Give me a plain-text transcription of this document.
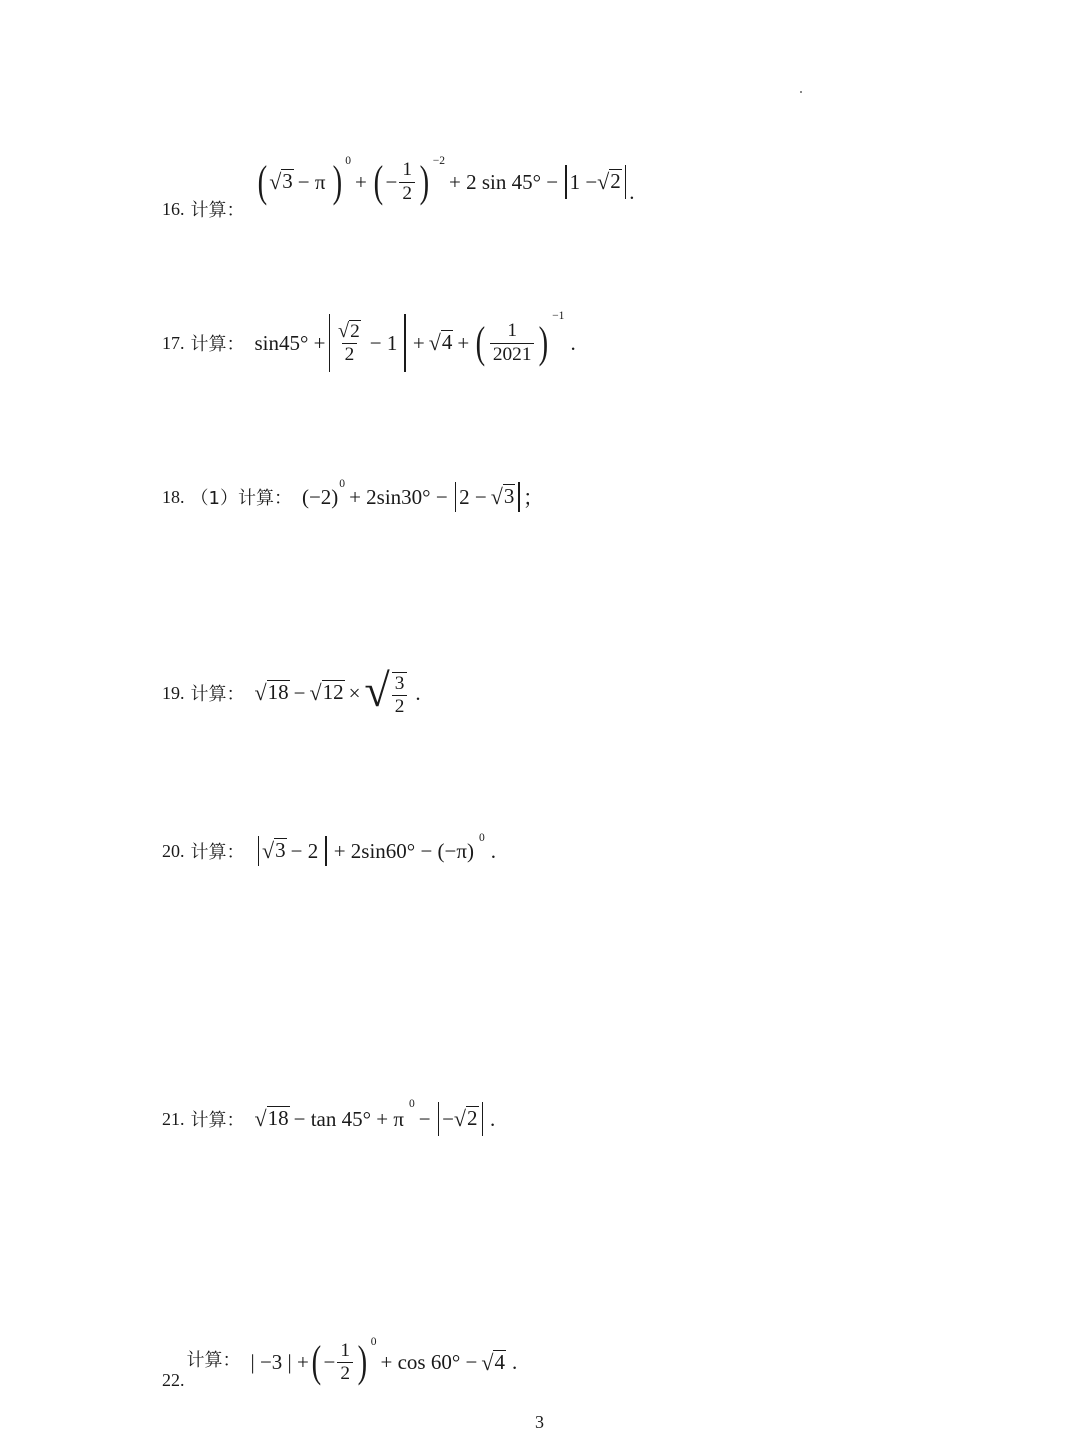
16. 计算：
( √ 3 − π ) 0
+ ( − $\frac{1}{2}$ ) −2
+ 2 sin 45° − 1 − √ 2 .
17. 计算： $\sin 45^\circ + \frac{√ 2}{2} - 1$ + √ 4 + ( $\frac{1}{2021}$ )
−1
.
18. （1）计算： ( −2 )
0
+ 2sin30° − 2 − √ 3 ；
19. 计算： √ 18 − √ 12 × √ $\frac{3}{2}$ .
20. 计算： √ 3 − 2 + 2sin60° − (−π)
0
.
21. 计算： √ 18 − tan 45° + π
0
− − √ 2 .
22.
计算： | −3 | + ( − $\frac{1}{2}$ ) 0
+ cos 60° − √ 4 .
3
